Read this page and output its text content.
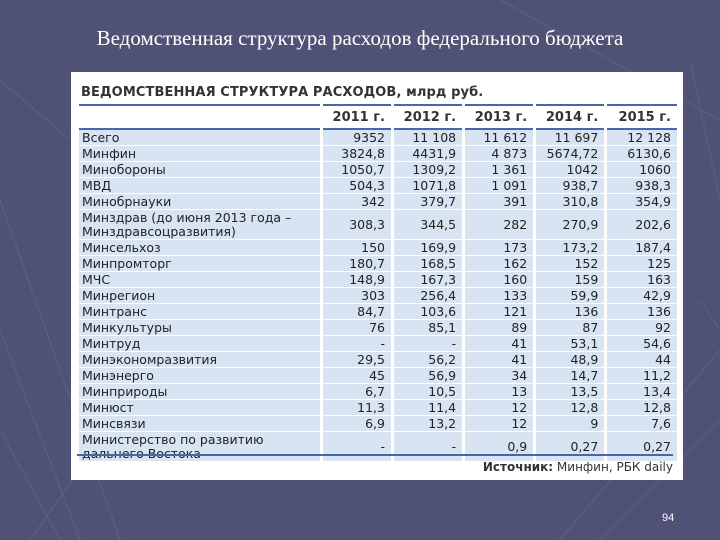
Ведомственная структура расходов федерального бюджета
ВЕДОМСТВЕННАЯ СТРУКТУРА РАСХОДОВ, млрд руб.
	2011 г.	2012 г.	2013 г.	2014 г.	2015 г.
Всего	9352	11 108	11 612	11 697	12 128
Минфин	3824,8	4431,9	4 873	5674,72	6130,6
Минобороны	1050,7	1309,2	1 361	1042	1060
МВД	504,3	1071,8	1 091	938,7	938,3
Минобрнауки	342	379,7	391	310,8	354,9
Минздрав (до июня 2013 года – Минздравсоцразвития)	308,3	344,5	282	270,9	202,6
Минсельхоз	150	169,9	173	173,2	187,4
Минпромторг	180,7	168,5	162	152	125
МЧС	148,9	167,3	160	159	163
Минрегион	303	256,4	133	59,9	42,9
Минтранс	84,7	103,6	121	136	136
Минкультуры	76	85,1	89	87	92
Минтруд	-	-	41	53,1	54,6
Минэкономразвития	29,5	56,2	41	48,9	44
Минэнерго	45	56,9	34	14,7	11,2
Минприроды	6,7	10,5	13	13,5	13,4
Минюст	11,3	11,4	12	12,8	12,8
Минсвязи	6,9	13,2	12	9	7,6
Министерство по развитию дальнего Востока	-	-	0,9	0,27	0,27
Источник: Минфин, РБК daily
94
